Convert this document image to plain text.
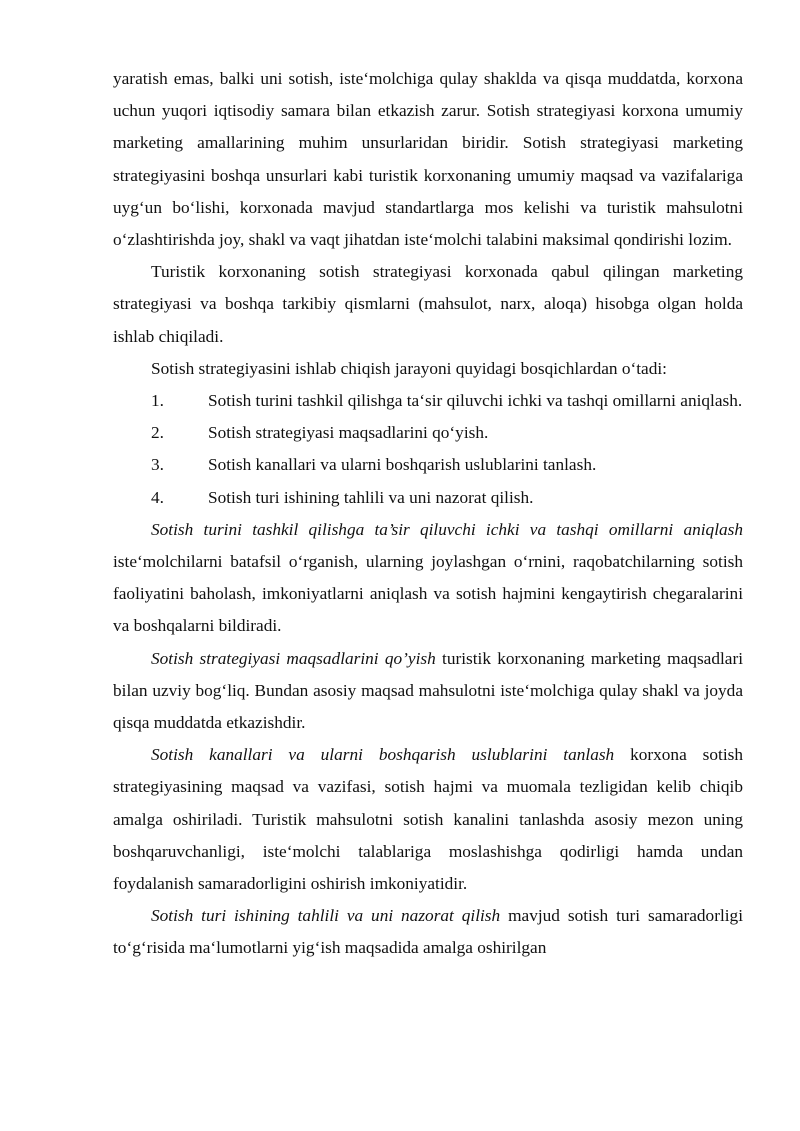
yaratish emas, balki uni sotish, iste‘molchiga qulay shaklda va qisqa muddatda, korxona uchun yuqori iqtisodiy samara bilan etkazish zarur. Sotish strategiyasi korxona umumiy marketing amallarining muhim unsurlaridan biridir. Sotish strategiyasi marketing strategiyasini boshqa unsurlari kabi turistik korxonaning umumiy maqsad va vazifalariga uyg‘un bo‘lishi, korxonada mavjud standartlarga mos kelishi va turistik mahsulotni o‘zlashtirishda joy, shakl va vaqt jihatdan iste‘molchi talabini maksimal qondirishi lozim.

Turistik korxonaning sotish strategiyasi korxonada qabul qilingan marketing strategiyasi va boshqa tarkibiy qismlarni (mahsulot, narx, aloqa) hisobga olgan holda ishlab chiqiladi.

Sotish strategiyasini ishlab chiqish jarayoni quyidagi bosqichlardan o‘tadi:

1.	Sotish turini tashkil qilishga ta‘sir qiluvchi ichki va tashqi omillarni aniqlash.

2.	Sotish strategiyasi maqsadlarini qo‘yish.

3.	Sotish kanallari va ularni boshqarish uslublarini tanlash.

4.	Sotish turi ishining tahlili va uni nazorat qilish.

Sotish turini tashkil qilishga ta’sir qiluvchi ichki va tashqi omillarni aniqlash iste‘molchilarni batafsil o‘rganish, ularning joylashgan o‘rnini, raqobatchilarning sotish faoliyatini baholash, imkoniyatlarni aniqlash va sotish hajmini kengaytirish chegaralarini va boshqalarni bildiradi.

Sotish strategiyasi maqsadlarini qo’yish turistik korxonaning marketing maqsadlari bilan uzviy bog‘liq. Bundan asosiy maqsad mahsulotni iste‘molchiga qulay shakl va joyda qisqa muddatda etkazishdir.

Sotish kanallari va ularni boshqarish uslublarini tanlash korxona sotish strategiyasining maqsad va vazifasi, sotish hajmi va muomala tezligidan kelib chiqib amalga oshiriladi. Turistik mahsulotni sotish kanalini tanlashda asosiy mezon uning boshqaruvchanligi, iste‘molchi talablariga moslashishga qodirligi hamda undan foydalanish samaradorligini oshirish imkoniyatidir.

Sotish turi ishining tahlili va uni nazorat qilish mavjud sotish turi samaradorligi to‘g‘risida ma‘lumotlarni yig‘ish maqsadida amalga oshirilgan
